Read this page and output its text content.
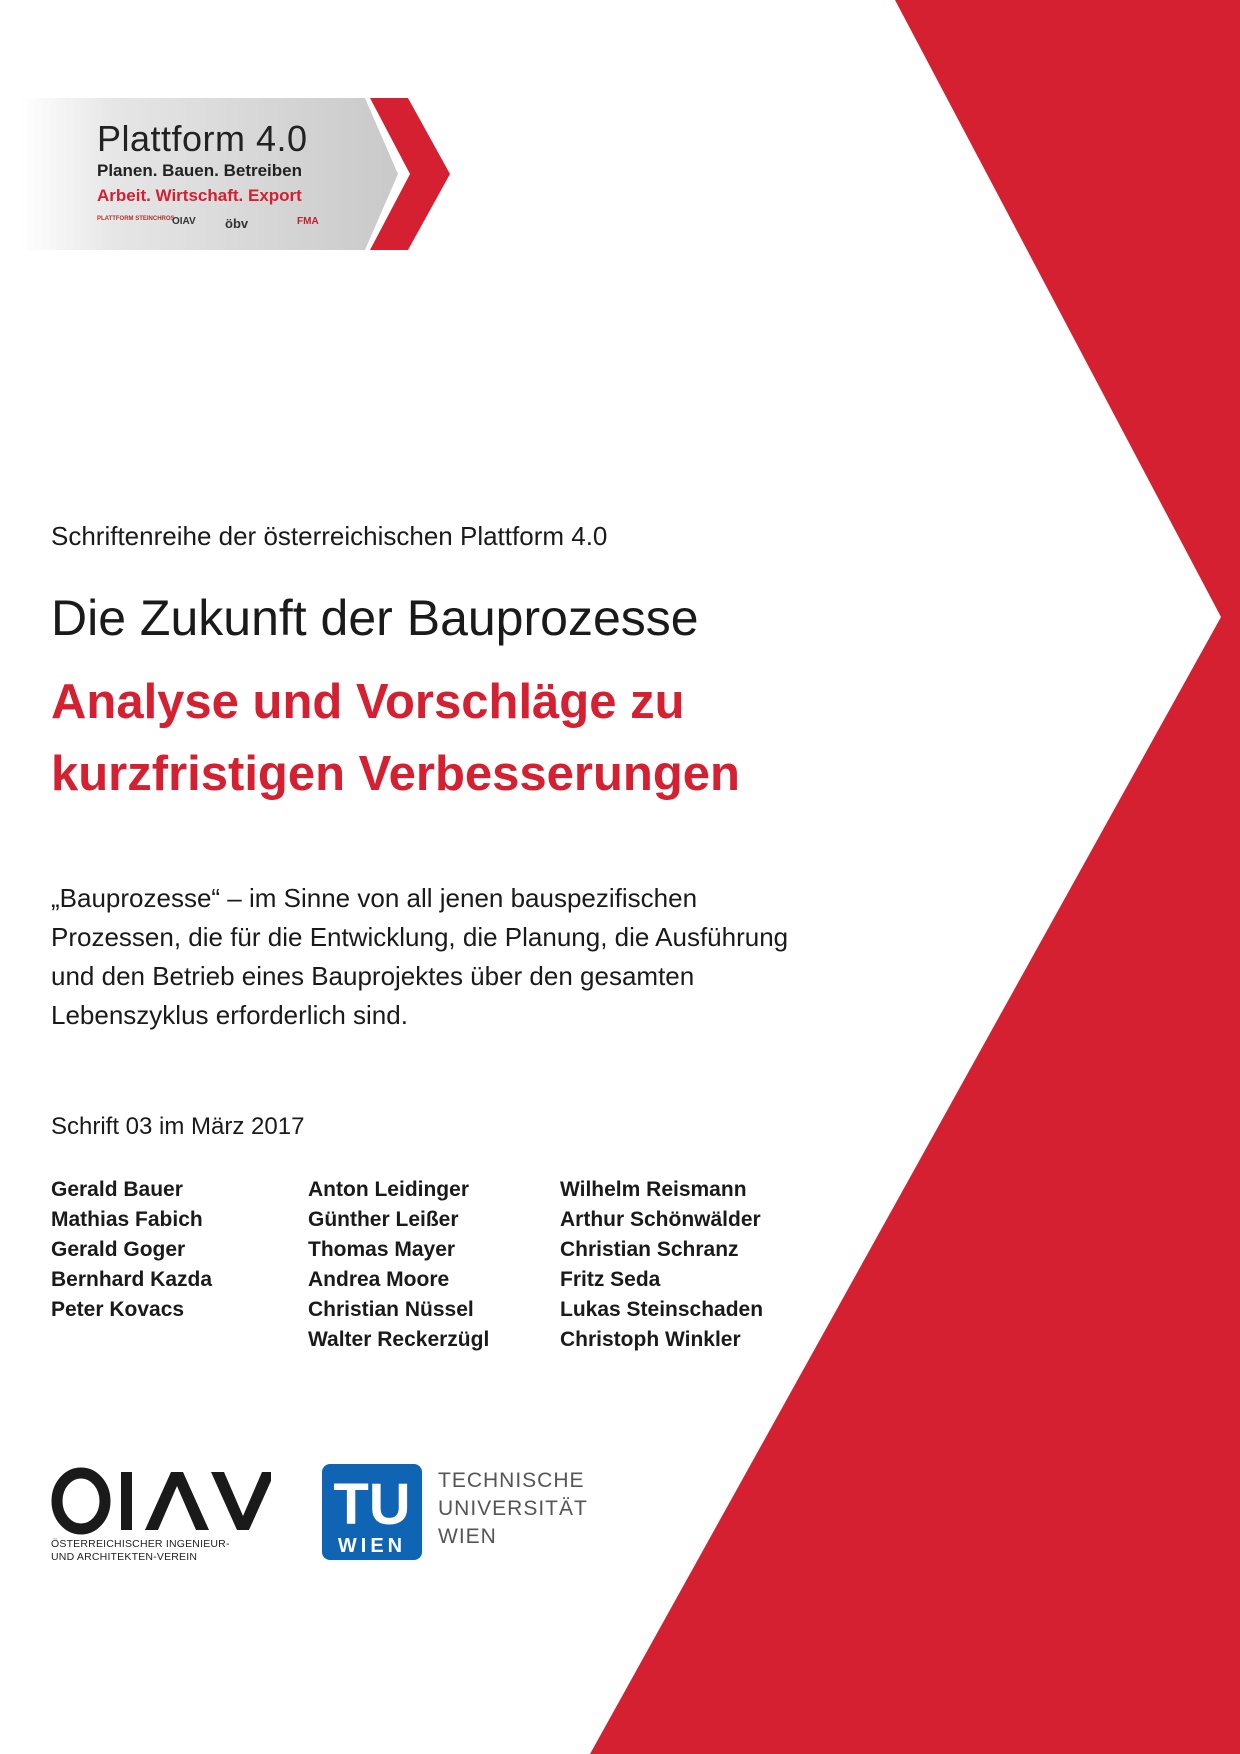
Plattform 4.0
Planen. Bauen. Betreiben
Arbeit. Wirtschaft. Export
PLATTFORM STEINCHROS
OIAV öbv	FMA
Schriftenreihe der österreichischen Plattform 4.0
Die Zukunft der Bauprozesse
Analyse und Vorschläge zu
kurzfristigen Verbesserungen
„Bauprozesse“ – im Sinne von all jenen bauspezifischen
Prozessen, die für die Entwicklung, die Planung, die Ausführung
und den Betrieb eines Bauprojektes über den gesamten
Lebenszyklus erforderlich sind.
Schrift 03 im März 2017
Gerald Bauer
Mathias Fabich
Gerald Goger
Bernhard Kazda
Peter Kovacs
Anton Leidinger
Günther Leißer
Thomas Mayer
Andrea Moore
Christian Nüssel
Walter Reckerzügl
Wilhelm Reismann
Arthur Schönwälder
Christian Schranz
Fritz Seda
Lukas Steinschaden
Christoph Winkler
ÖSTERREICHISCHER INGENIEUR-
UND ARCHITEKTEN-VEREIN
TU
WIEN
TECHNISCHE
UNIVERSITÄT
WIEN
